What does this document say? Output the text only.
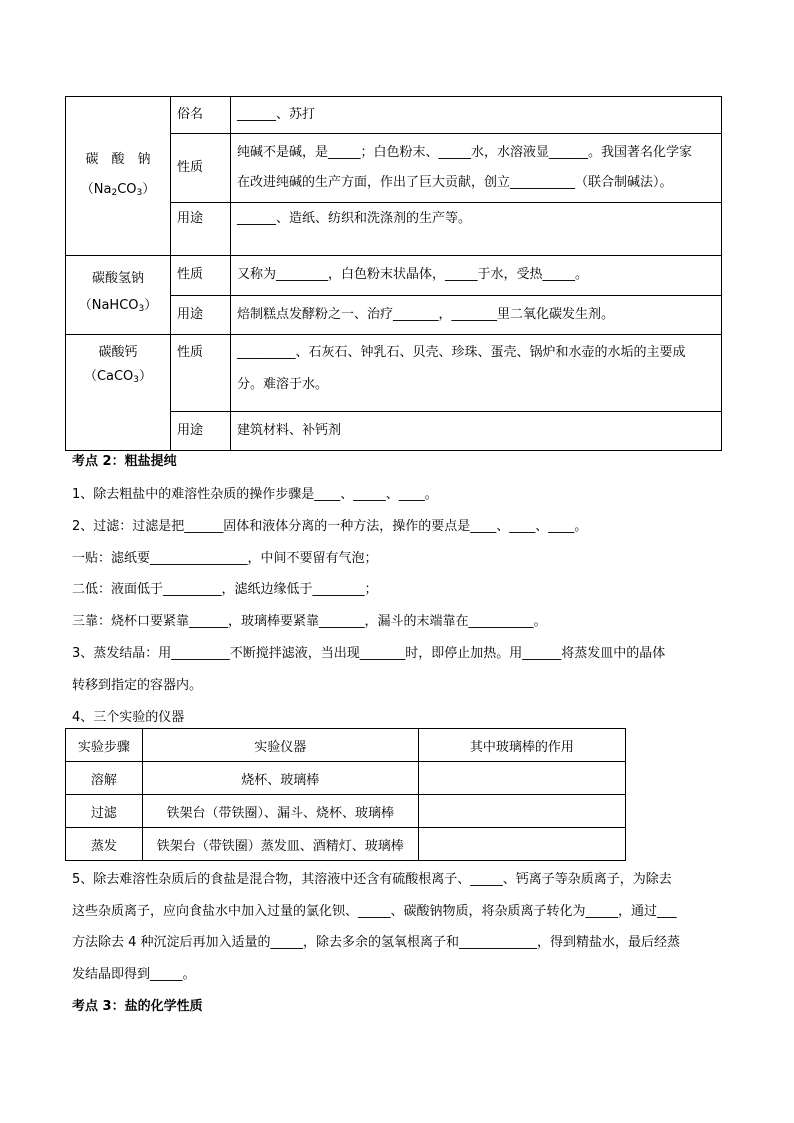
碳　酸　钠
$(Na_2CO_3)$	俗名	______、苏打
	性质	纯碱不是碱，是_____；白色粉末、_____水，水溶液显______。我国著名化学家
在改进纯碱的生产方面，作出了巨大贡献，创立__________（联合制碱法）。

	用途	______、造纸、纺织和洗涤剂的生产等。

碳酸氢钠
（NaHCO$_3$）	性质	又称为________，白色粉末状晶体，_____于水，受热_____。
	用途	焙制糕点发酵粉之一、治疗_______，_______里二氧化碳发生剂。
碳酸钙（CaCO$_3$）	性质	_________、石灰石、钟乳石、贝壳、珍珠、蛋壳、锅炉和水壶的水垢的主要成
分。难溶于水。

	用途	建筑材料、补钙剂
考点 2：粗盐提纯
1、除去粗盐中的难溶性杂质的操作步骤是____、_____、____。
2、过滤：过滤是把______固体和液体分离的一种方法，操作的要点是____、____、____。
一贴：滤纸要_______________，中间不要留有气泡；
二低：液面低于_________，滤纸边缘低于________；
三靠：烧杯口要紧靠______，玻璃棒要紧靠_______，漏斗的末端靠在__________。
3、蒸发结晶：用_________不断搅拌滤液，当出现_______时，即停止加热。用______将蒸发皿中的晶体
转移到指定的容器内。
4、三个实验的仪器
实验步骤	实验仪器	其中玻璃棒的作用
溶解	烧杯、玻璃棒	
过滤	铁架台（带铁圈）、漏斗、烧杯、玻璃棒	
蒸发	铁架台（带铁圈）蒸发皿、酒精灯、玻璃棒	
5、除去难溶性杂质后的食盐是混合物，其溶液中还含有硫酸根离子、_____、钙离子等杂质离子，为除去
这些杂质离子，应向食盐水中加入过量的氯化钡、_____、碳酸钠物质，将杂质离子转化为_____，通过___
方法除去 4 种沉淀后再加入适量的_____，除去多余的氢氧根离子和____________，得到精盐水，最后经蒸
发结晶即得到_____。
考点 3：盐的化学性质
